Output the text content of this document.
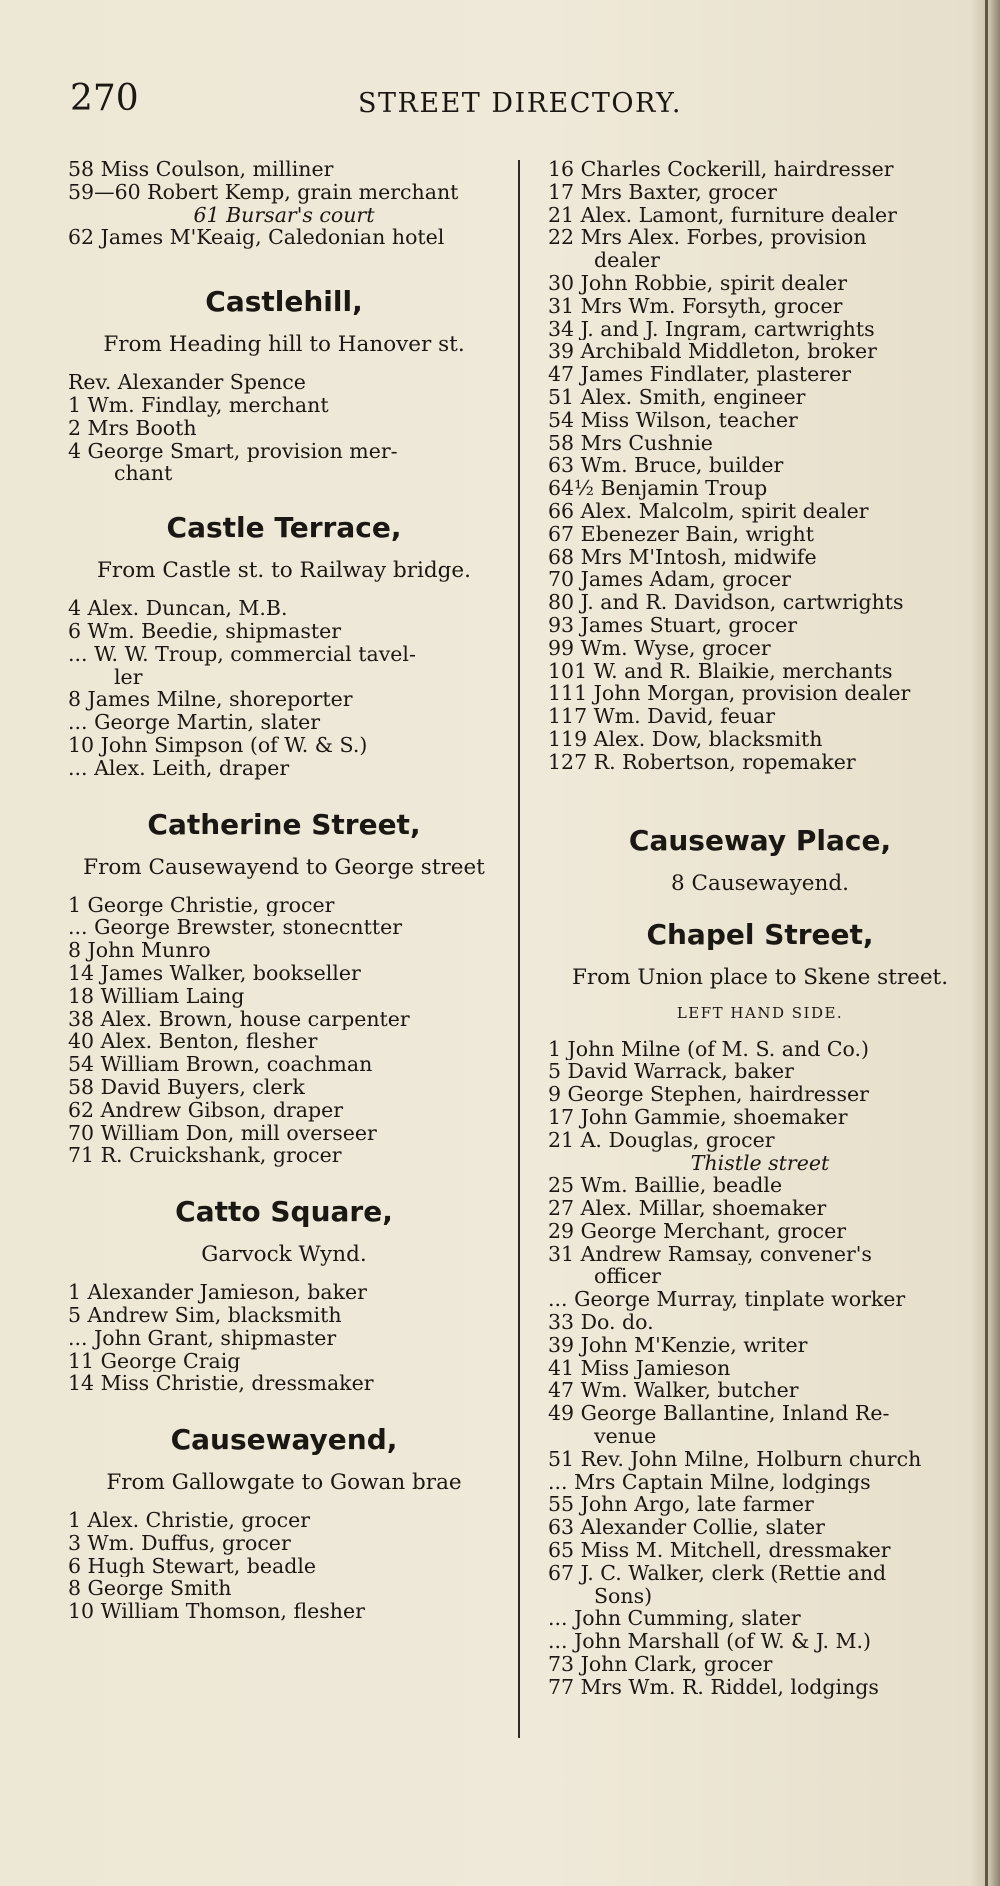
270	STREET DIRECTORY.
58 Miss Coulson, milliner
59—60 Robert Kemp, grain merchant
61 Bursar's court
62 James M'Keaig, Caledonian hotel
Castlehill,
From Heading hill to Hanover st.
Rev. Alexander Spence
1 Wm. Findlay, merchant
2 Mrs Booth
4 George Smart, provision mer-
chant
Castle Terrace,
From Castle st. to Railway bridge.
4 Alex. Duncan, M.B.
6 Wm. Beedie, shipmaster
... W. W. Troup, commercial tavel-
ler
8 James Milne, shoreporter
... George Martin, slater
10 John Simpson (of W. & S.)
... Alex. Leith, draper
Catherine Street,
From Causewayend to George street
1 George Christie, grocer
... George Brewster, stonecntter
8 John Munro
14 James Walker, bookseller
18 William Laing
38 Alex. Brown, house carpenter
40 Alex. Benton, flesher
54 William Brown, coachman
58 David Buyers, clerk
62 Andrew Gibson, draper
70 William Don, mill overseer
71 R. Cruickshank, grocer
Catto Square,
Garvock Wynd.
1 Alexander Jamieson, baker
5 Andrew Sim, blacksmith
... John Grant, shipmaster
11 George Craig
14 Miss Christie, dressmaker
Causewayend,
From Gallowgate to Gowan brae
1 Alex. Christie, grocer
3 Wm. Duffus, grocer
6 Hugh Stewart, beadle
8 George Smith
10 William Thomson, flesher
16 Charles Cockerill, hairdresser
17 Mrs Baxter, grocer
21 Alex. Lamont, furniture dealer
22 Mrs Alex. Forbes, provision
dealer
30 John Robbie, spirit dealer
31 Mrs Wm. Forsyth, grocer
34 J. and J. Ingram, cartwrights
39 Archibald Middleton, broker
47 James Findlater, plasterer
51 Alex. Smith, engineer
54 Miss Wilson, teacher
58 Mrs Cushnie
63 Wm. Bruce, builder
64½ Benjamin Troup
66 Alex. Malcolm, spirit dealer
67 Ebenezer Bain, wright
68 Mrs M'Intosh, midwife
70 James Adam, grocer
80 J. and R. Davidson, cartwrights
93 James Stuart, grocer
99 Wm. Wyse, grocer
101 W. and R. Blaikie, merchants
111 John Morgan, provision dealer
117 Wm. David, feuar
119 Alex. Dow, blacksmith
127 R. Robertson, ropemaker
Causeway Place,
8 Causewayend.
Chapel Street,
From Union place to Skene street.
LEFT HAND SIDE.
1 John Milne (of M. S. and Co.)
5 David Warrack, baker
9 George Stephen, hairdresser
17 John Gammie, shoemaker
21 A. Douglas, grocer
Thistle street
25 Wm. Baillie, beadle
27 Alex. Millar, shoemaker
29 George Merchant, grocer
31 Andrew Ramsay, convener's
officer
... George Murray, tinplate worker
33 Do. do.
39 John M'Kenzie, writer
41 Miss Jamieson
47 Wm. Walker, butcher
49 George Ballantine, Inland Re-
venue
51 Rev. John Milne, Holburn church
... Mrs Captain Milne, lodgings
55 John Argo, late farmer
63 Alexander Collie, slater
65 Miss M. Mitchell, dressmaker
67 J. C. Walker, clerk (Rettie and
Sons)
... John Cumming, slater
... John Marshall (of W. & J. M.)
73 John Clark, grocer
77 Mrs Wm. R. Riddel, lodgings
